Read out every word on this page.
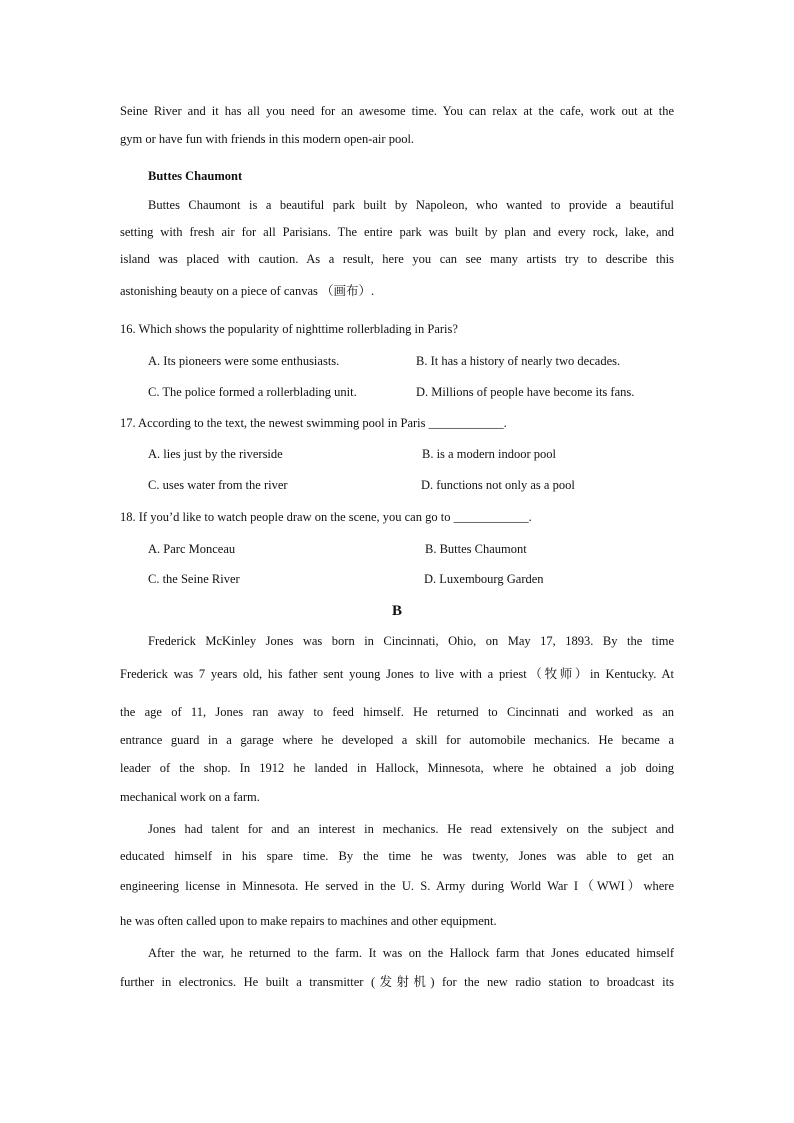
Seine River and it has all you need for an awesome time. You can relax at the cafe, work out at the
gym or have fun with friends in this modern open-air pool.
Buttes Chaumont
Buttes Chaumont is a beautiful park built by Napoleon, who wanted to provide a beautiful
setting with fresh air for all Parisians. The entire park was built by plan and every rock, lake, and
island was placed with caution. As a result, here you can see many artists try to describe this
astonishing beauty on a piece of canvas （画布）.
16. Which shows the popularity of nighttime rollerblading in Paris?
A. Its pioneers were some enthusiasts.	B. It has a history of nearly two decades.
C. The police formed a rollerblading unit.	D. Millions of people have become its fans.
17. According to the text, the newest swimming pool in Paris ____________.
A. lies just by the riverside	B. is a modern indoor pool
C. uses water from the river	D. functions not only as a pool
18. If you’d like to watch people draw on the scene, you can go to ____________.
A. Parc Monceau	B. Buttes Chaumont
C. the Seine River	D. Luxembourg Garden
B
Frederick McKinley Jones was born in Cincinnati, Ohio, on May 17, 1893. By the time
Frederick was 7 years old, his father sent young Jones to live with a priest（牧师）in Kentucky. At
the age of 11, Jones ran away to feed himself. He returned to Cincinnati and worked as an
entrance guard in a garage where he developed a skill for automobile mechanics. He became a
leader of the shop. In 1912 he landed in Hallock, Minnesota, where he obtained a job doing
mechanical work on a farm.
Jones had talent for and an interest in mechanics. He read extensively on the subject and
educated himself in his spare time. By the time he was twenty, Jones was able to get an
engineering license in Minnesota. He served in the U. S. Army during World War I（WWI）where
he was often called upon to make repairs to machines and other equipment.
After the war, he returned to the farm. It was on the Hallock farm that Jones educated himself
further in electronics. He built a transmitter (发射机) for the new radio station to broadcast its
